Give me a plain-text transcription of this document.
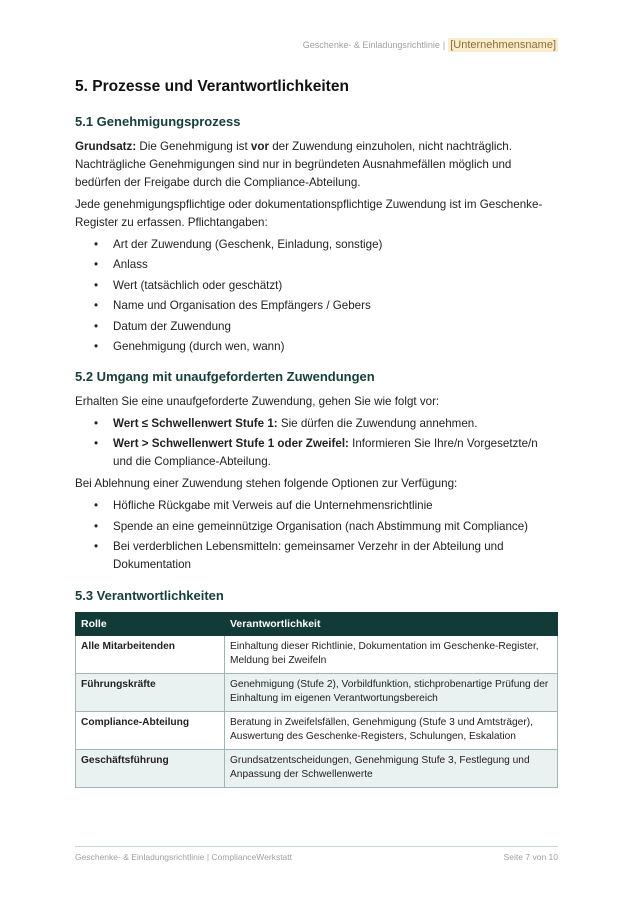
Geschenke- & Einladungsrichtlinie | [Unternehmensname]
5. Prozesse und Verantwortlichkeiten
5.1 Genehmigungsprozess

Grundsatz: Die Genehmigung ist vor der Zuwendung einzuholen, nicht nachträglich. Nachträgliche Genehmigungen sind nur in begründeten Ausnahmefällen möglich und bedürfen der Freigabe durch die Compliance-Abteilung.

Jede genehmigungspflichtige oder dokumentationspflichtige Zuwendung ist im Geschenke-Register zu erfassen. Pflichtangaben:

• Art der Zuwendung (Geschenk, Einladung, sonstige)
• Anlass
• Wert (tatsächlich oder geschätzt)
• Name und Organisation des Empfängers / Gebers
• Datum der Zuwendung
• Genehmigung (durch wen, wann)
5.2 Umgang mit unaufgeforderten Zuwendungen

Erhalten Sie eine unaufgeforderte Zuwendung, gehen Sie wie folgt vor:

• Wert ≤ Schwellenwert Stufe 1: Sie dürfen die Zuwendung annehmen.
• Wert > Schwellenwert Stufe 1 oder Zweifel: Informieren Sie Ihre/n Vorgesetzte/n und die Compliance-Abteilung.

Bei Ablehnung einer Zuwendung stehen folgende Optionen zur Verfügung:

• Höfliche Rückgabe mit Verweis auf die Unternehmensrichtlinie
• Spende an eine gemeinnützige Organisation (nach Abstimmung mit Compliance)
• Bei verderblichen Lebensmitteln: gemeinsamer Verzehr in der Abteilung und Dokumentation
5.3 Verantwortlichkeiten
Rolle	Verantwortlichkeit
Alle Mitarbeitenden	Einhaltung dieser Richtlinie, Dokumentation im Geschenke-Register, Meldung bei Zweifeln
Führungskräfte	Genehmigung (Stufe 2), Vorbildfunktion, stichprobenartige Prüfung der Einhaltung im eigenen Verantwortungsbereich
Compliance-Abteilung	Beratung in Zweifelsfällen, Genehmigung (Stufe 3 und Amtsträger), Auswertung des Geschenke-Registers, Schulungen, Eskalation
Geschäftsführung	Grundsatzentscheidungen, Genehmigung Stufe 3, Festlegung und Anpassung der Schwellenwerte
Geschenke- & Einladungsrichtlinie | ComplianceWerkstatt	Seite 7 von 10
